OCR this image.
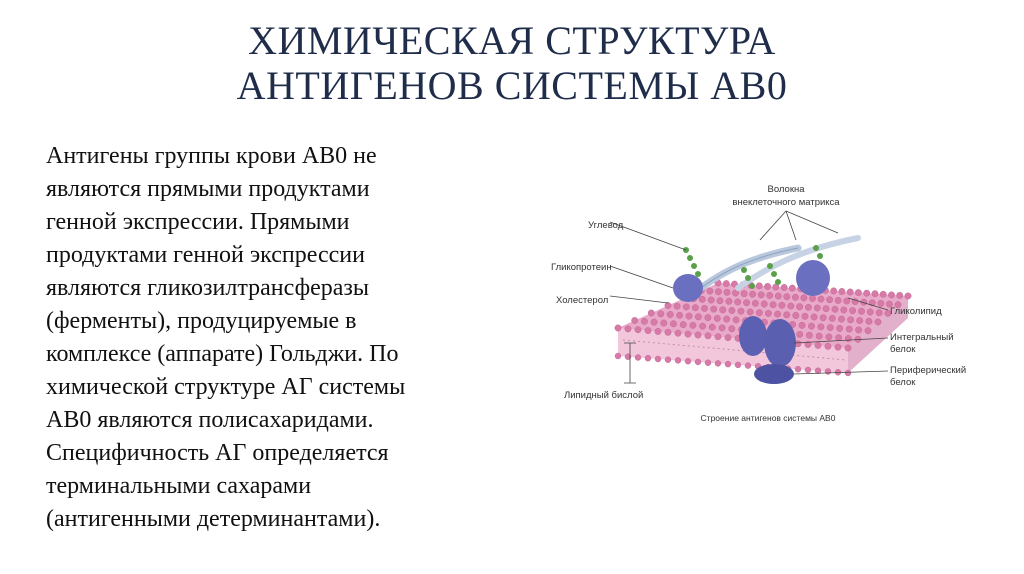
ХИМИЧЕСКАЯ СТРУКТУРА
АНТИГЕНОВ СИСТЕМЫ АВ0
Антигены группы крови АВ0 не
являются прямыми продуктами
генной экспрессии. Прямыми
продуктами генной экспрессии
являются гликозилтрансферазы
(ферменты), продуцируемые в
комплексе (аппарате) Гольджи. По
химической структуре АГ системы
АВ0 являются полисахаридами.
Специфичность АГ определяется
терминальными сахарами
(антигенными детерминантами).
Волокна
внеклеточного матрикса
Углевод
Гликопротеин
Холестерол
Гликолипид
Интегральный
белок
Периферический
белок
Липидный бислой
Строение антигенов системы АВ0
